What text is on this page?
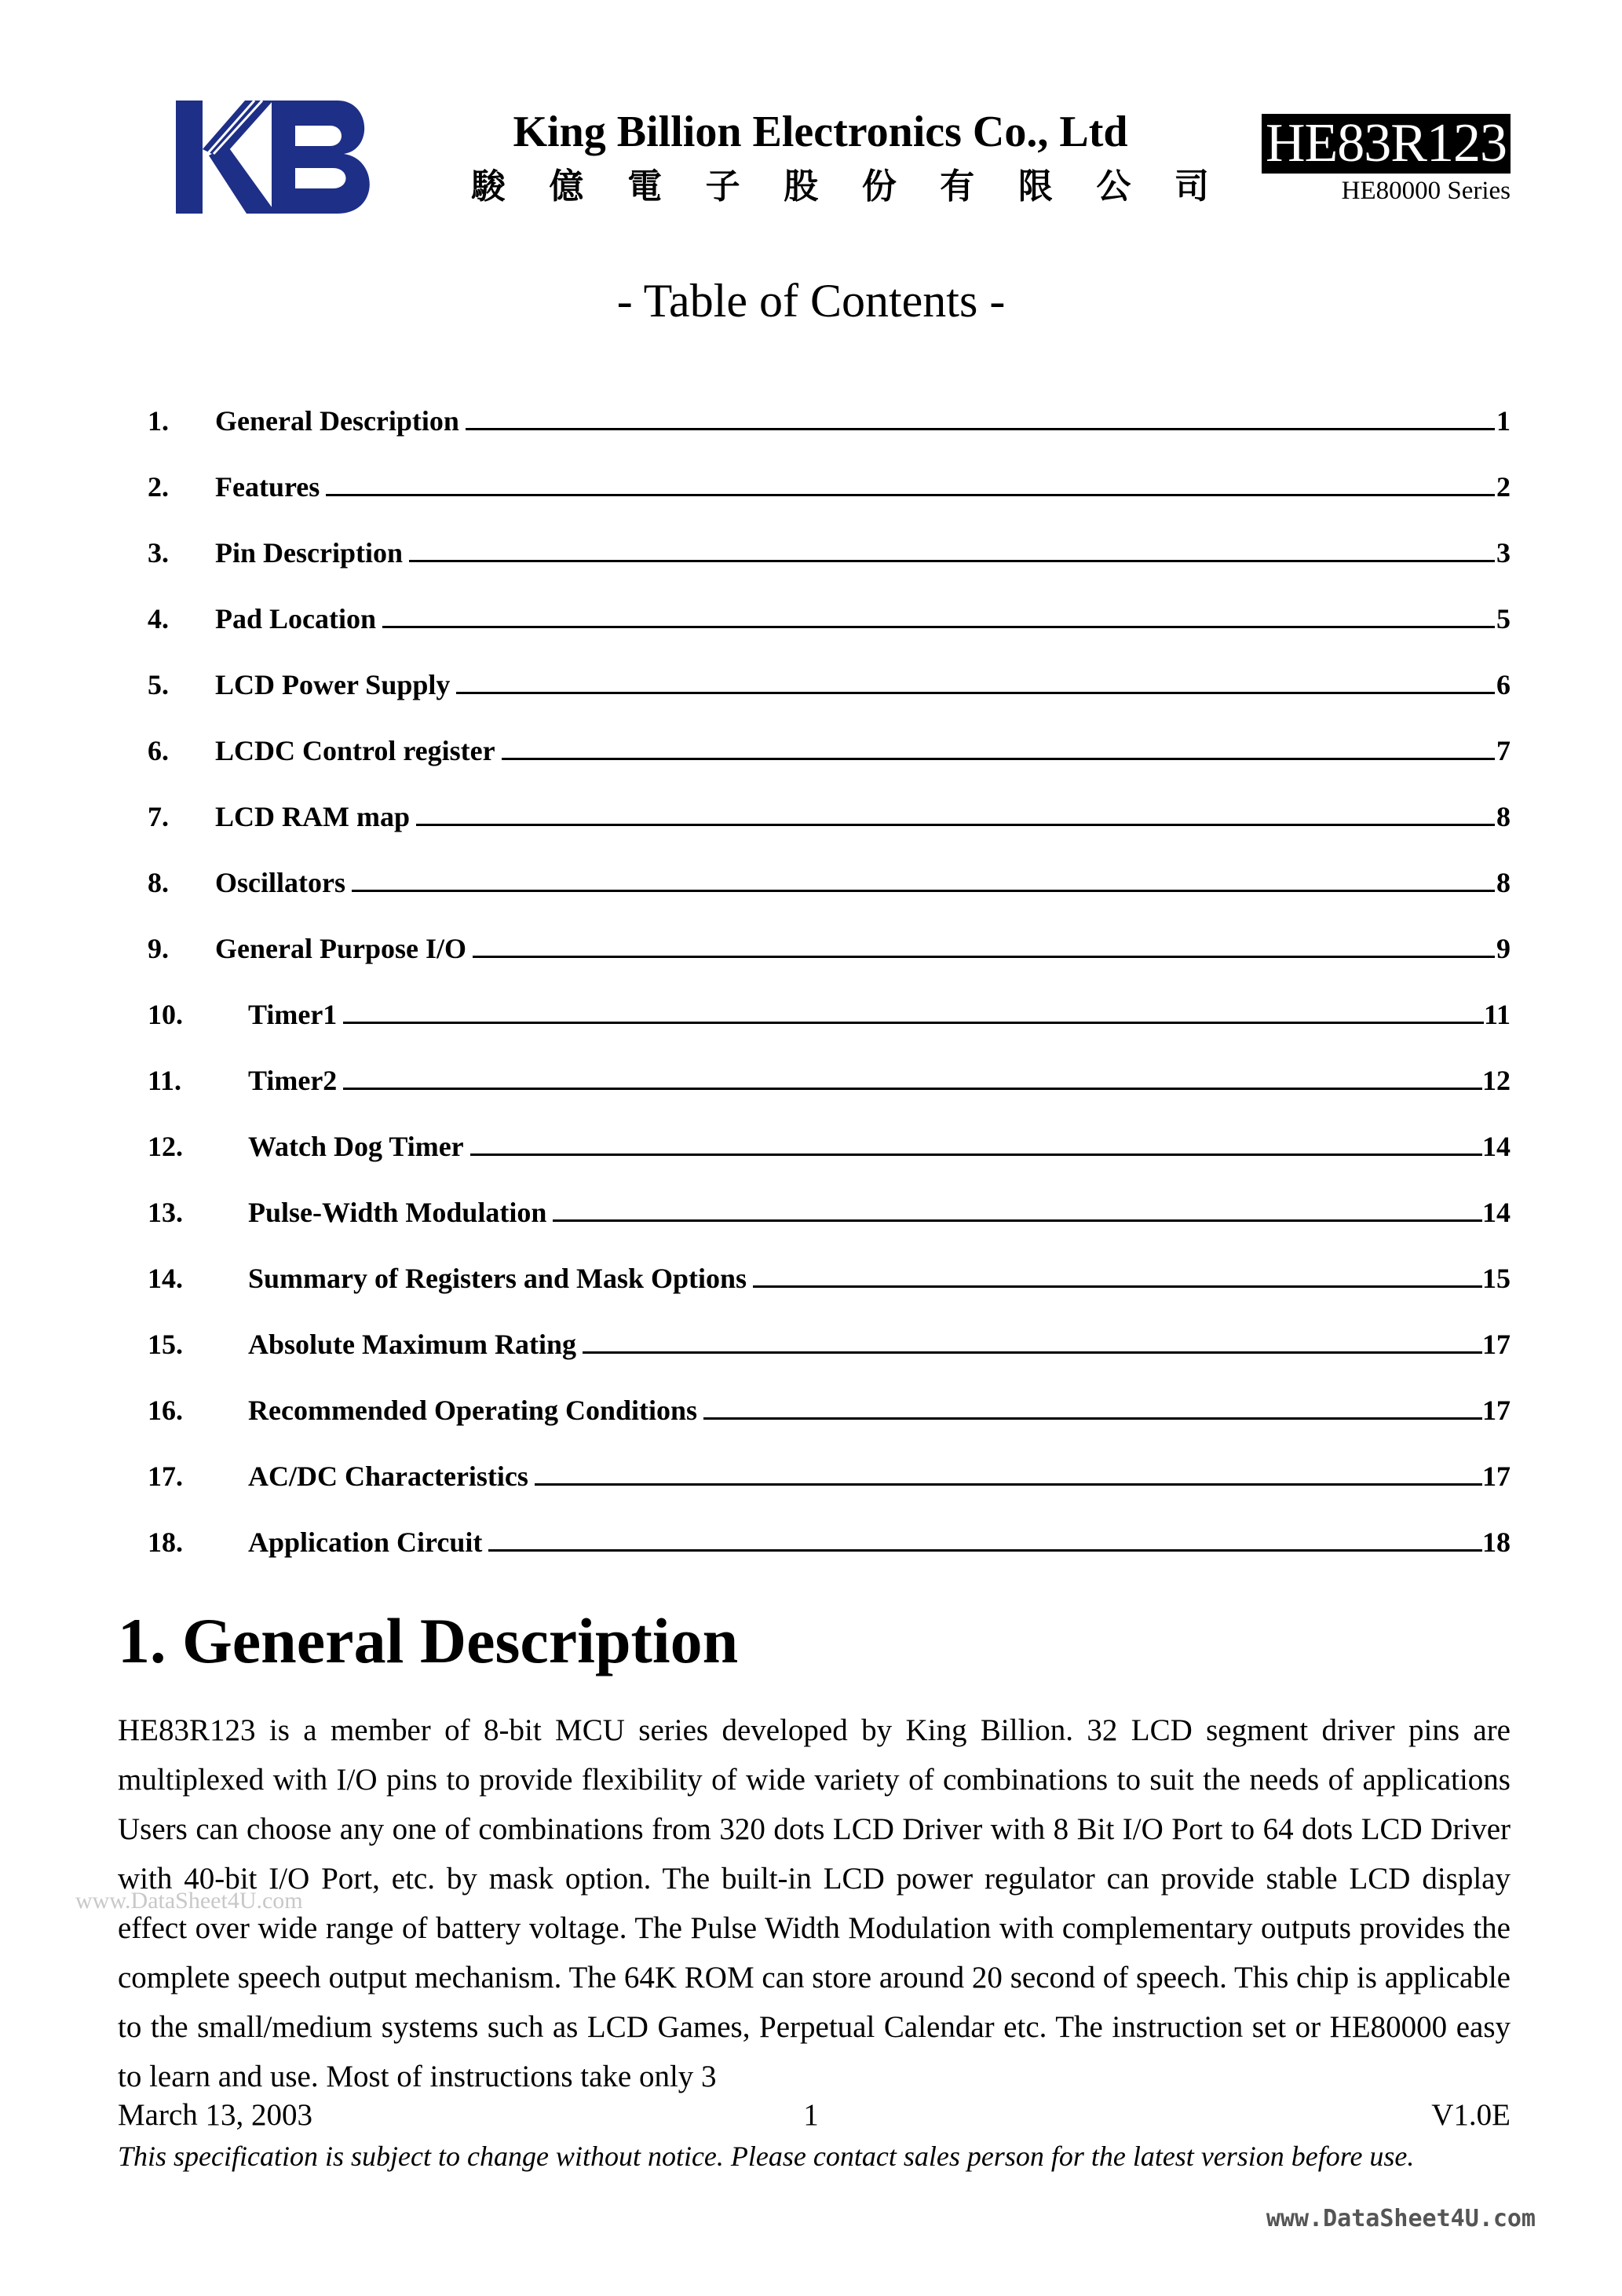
King Billion Electronics Co., Ltd
駿 億 電 子 股 份 有 限 公 司
HE83R123
HE80000 Series
- Table of Contents -
1.	General Description	1
2.	Features	2
3.	Pin Description	3
4.	Pad Location	5
5.	LCD Power Supply	6
6.	LCDC Control register	7
7.	LCD RAM map	8
8.	Oscillators	8
9.	General Purpose I/O	9
10.	Timer1	11
11.	Timer2	12
12.	Watch Dog Timer	14
13.	Pulse-Width Modulation	14
14.	Summary of Registers and Mask Options	15
15.	Absolute Maximum Rating	17
16.	Recommended Operating Conditions	17
17.	AC/DC Characteristics	17
18.	Application Circuit	18
1. General Description
HE83R123 is a member of 8-bit MCU series developed by King Billion. 32 LCD segment driver pins are multiplexed with I/O pins to provide flexibility of wide variety of combinations to suit the needs of applications Users can choose any one of combinations from 320 dots LCD Driver with 8 Bit I/O Port to 64 dots LCD Driver with 40-bit I/O Port, etc. by mask option. The built-in LCD power regulator can provide stable LCD display effect over wide range of battery voltage. The Pulse Width Modulation with complementary outputs provides the complete speech output mechanism. The 64K ROM can store around 20 second of speech. This chip is applicable to the small/medium systems such as LCD Games, Perpetual Calendar etc. The instruction set or HE80000 easy to learn and use. Most of instructions take only 3
www.DataSheet4U.com
March 13, 2003	1	V1.0E
This specification is subject to change without notice. Please contact sales person for the latest version before use.
www.DataSheet4U.com
